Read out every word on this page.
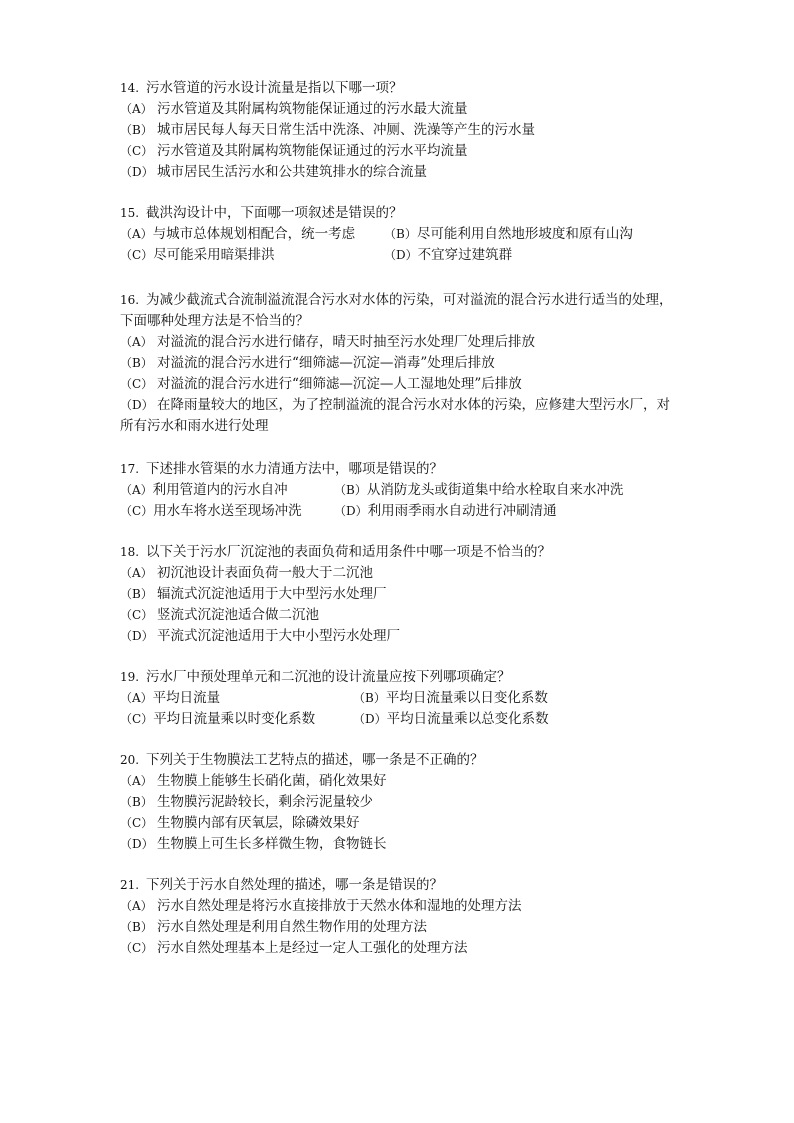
14. 污水管道的污水设计流量是指以下哪一项？
（A） 污水管道及其附属构筑物能保证通过的污水最大流量
（B） 城市居民每人每天日常生活中洗涤、冲厕、洗澡等产生的污水量
（C） 污水管道及其附属构筑物能保证通过的污水平均流量
（D） 城市居民生活污水和公共建筑排水的综合流量
15. 截洪沟设计中，下面哪一项叙述是错误的？
（A）与城市总体规划相配合，统一考虑	（B）尽可能利用自然地形坡度和原有山沟
（C）尽可能采用暗渠排洪	（D）不宜穿过建筑群
16. 为减少截流式合流制溢流混合污水对水体的污染，可对溢流的混合污水进行适当的处理，下面哪种处理方法是不恰当的？
（A） 对溢流的混合污水进行储存，晴天时抽至污水处理厂处理后排放
（B） 对溢流的混合污水进行“细筛滤—沉淀—消毒”处理后排放
（C） 对溢流的混合污水进行“细筛滤—沉淀—人工湿地处理”后排放
（D） 在降雨量较大的地区，为了控制溢流的混合污水对水体的污染，应修建大型污水厂，对所有污水和雨水进行处理
17. 下述排水管渠的水力清通方法中，哪项是错误的？
（A）利用管道内的污水自冲	（B）从消防龙头或街道集中给水栓取自来水冲洗
（C）用水车将水送至现场冲洗	（D）利用雨季雨水自动进行冲刷清通
18. 以下关于污水厂沉淀池的表面负荷和适用条件中哪一项是不恰当的？
（A） 初沉池设计表面负荷一般大于二沉池
（B） 辐流式沉淀池适用于大中型污水处理厂
（C） 竖流式沉淀池适合做二沉池
（D） 平流式沉淀池适用于大中小型污水处理厂
19. 污水厂中预处理单元和二沉池的设计流量应按下列哪项确定？
（A）平均日流量	（B）平均日流量乘以日变化系数
（C）平均日流量乘以时变化系数	（D）平均日流量乘以总变化系数
20. 下列关于生物膜法工艺特点的描述，哪一条是不正确的？
（A） 生物膜上能够生长硝化菌，硝化效果好
（B） 生物膜污泥龄较长，剩余污泥量较少
（C） 生物膜内部有厌氧层，除磷效果好
（D） 生物膜上可生长多样微生物，食物链长
21. 下列关于污水自然处理的描述，哪一条是错误的？
（A） 污水自然处理是将污水直接排放于天然水体和湿地的处理方法
（B） 污水自然处理是利用自然生物作用的处理方法
（C） 污水自然处理基本上是经过一定人工强化的处理方法
